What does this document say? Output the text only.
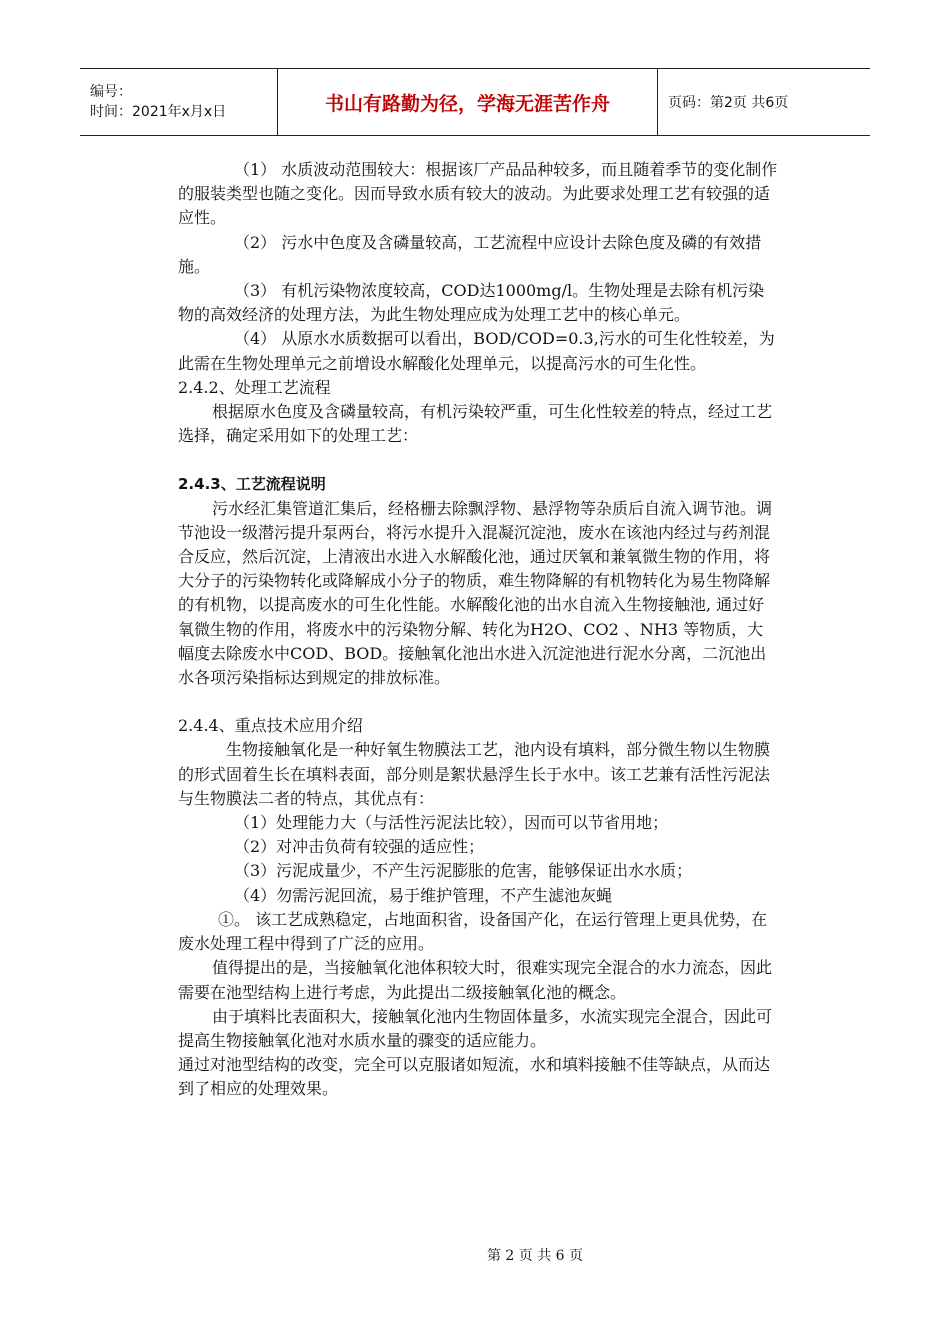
编号：
时间：2021年x月x日	书山有路勤为径，学海无涯苦作舟	页码：第2页 共6页

（1） 水质波动范围较大：根据该厂产品品种较多，而且随着季节的变化制作的服装类型也随之变化。因而导致水质有较大的波动。为此要求处理工艺有较强的适应性。

（2） 污水中色度及含磷量较高，工艺流程中应设计去除色度及磷的有效措施。

（3） 有机污染物浓度较高，COD达1000mg/l。生物处理是去除有机污染物的高效经济的处理方法，为此生物处理应成为处理工艺中的核心单元。

（4） 从原水水质数据可以看出，BOD/COD=0.3,污水的可生化性较差，为此需在生物处理单元之前增设水解酸化处理单元，以提高污水的可生化性。

2.4.2、处理工艺流程

根据原水色度及含磷量较高，有机污染较严重，可生化性较差的特点，经过工艺选择，确定采用如下的处理工艺：

2.4.3、工艺流程说明

污水经汇集管道汇集后，经格栅去除飘浮物、悬浮物等杂质后自流入调节池。调节池设一级潜污提升泵两台，将污水提升入混凝沉淀池，废水在该池内经过与药剂混合反应，然后沉淀，上清液出水进入水解酸化池，通过厌氧和兼氧微生物的作用，将大分子的污染物转化或降解成小分子的物质，难生物降解的有机物转化为易生物降解的有机物，以提高废水的可生化性能。水解酸化池的出水自流入生物接触池, 通过好氧微生物的作用，将废水中的污染物分解、转化为H2O、CO2 、NH3 等物质，大幅度去除废水中COD、BOD。接触氧化池出水进入沉淀池进行泥水分离，二沉池出水各项污染指标达到规定的排放标准。

2.4.4、重点技术应用介绍

生物接触氧化是一种好氧生物膜法工艺，池内设有填料，部分微生物以生物膜的形式固着生长在填料表面，部分则是絮状悬浮生长于水中。该工艺兼有活性污泥法与生物膜法二者的特点，其优点有：

（1）处理能力大（与活性污泥法比较），因而可以节省用地；

（2）对冲击负荷有较强的适应性；

（3）污泥成量少，不产生污泥膨胀的危害，能够保证出水水质；

（4）勿需污泥回流，易于维护管理，不产生滤池灰蝇

①。 该工艺成熟稳定，占地面积省，设备国产化，在运行管理上更具优势，在废水处理工程中得到了广泛的应用。

值得提出的是，当接触氧化池体积较大时，很难实现完全混合的水力流态，因此需要在池型结构上进行考虑，为此提出二级接触氧化池的概念。

由于填料比表面积大，接触氧化池内生物固体量多，水流实现完全混合，因此可提高生物接触氧化池对水质水量的骤变的适应能力。

通过对池型结构的改变，完全可以克服诸如短流，水和填料接触不佳等缺点，从而达到了相应的处理效果。

第 2 页 共 6 页
